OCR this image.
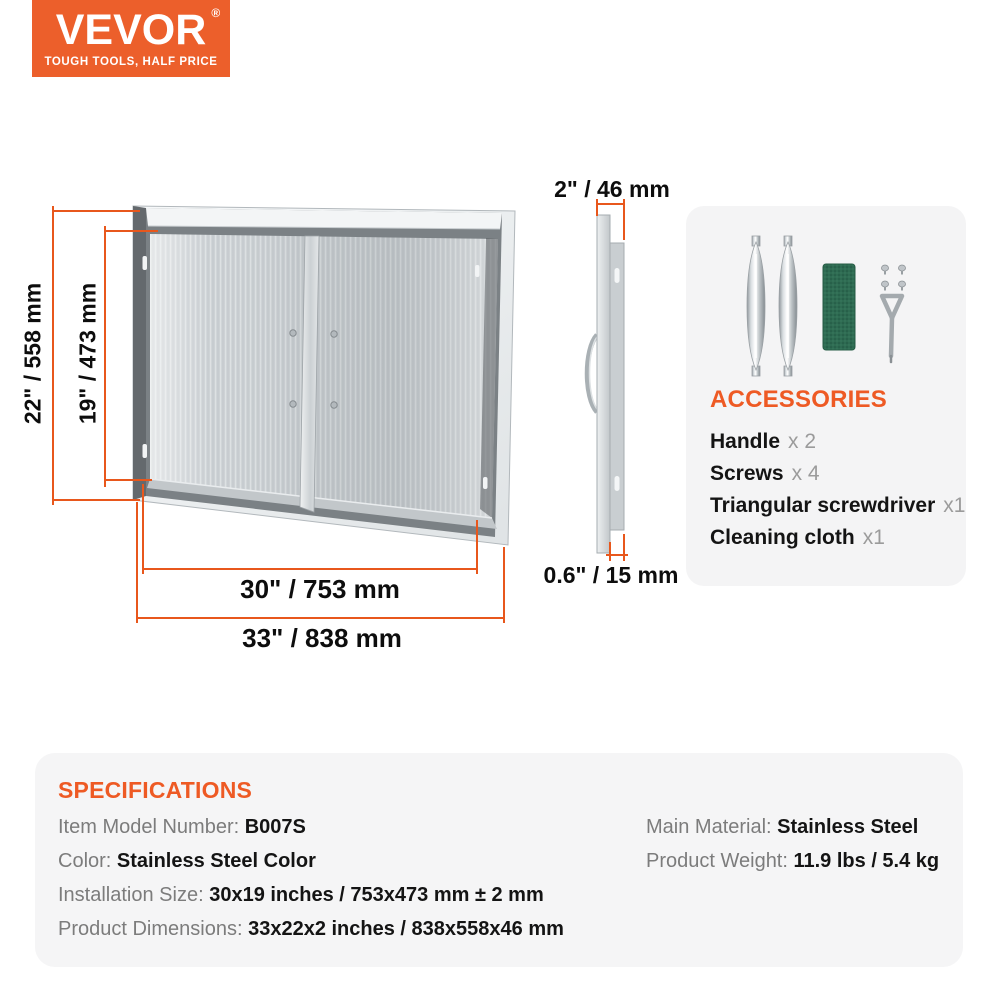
VEVOR ®
TOUGH TOOLS, HALF PRICE
22" / 558 mm 19" / 473 mm
30" / 753 mm
33" / 838 mm
2" / 46 mm
0.6" / 15 mm
ACCESSORIES
Handle x 2
Screws x 4
Triangular screwdriver x1
Cleaning cloth x1
SPECIFICATIONS
Item Model Number: B007S
Color: Stainless Steel Color
Installation Size: 30x19 inches / 753x473 mm ± 2 mm
Product Dimensions: 33x22x2 inches / 838x558x46 mm
Main Material: Stainless Steel
Product Weight: 11.9 lbs / 5.4 kg
